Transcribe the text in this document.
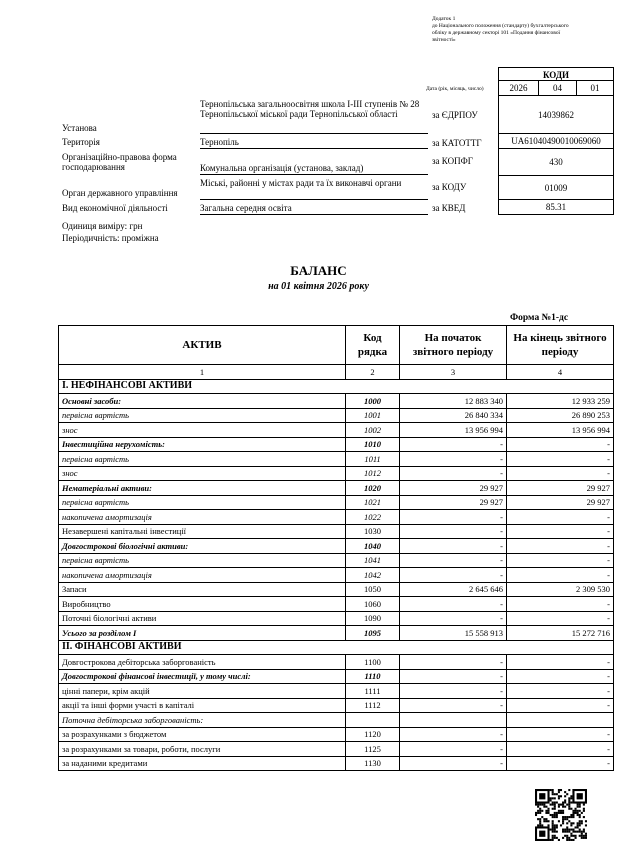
Додаток 1
до Національного положення (стандарту) бухгалтерського
обліку в державному секторі 101 «Подання фінансової
звітності»
КОДИ
Дата (рік, місяць, число)	2026	04	01
за ЄДРПОУ	14039862
за КАТОТТГ	UA61040490010069060
за КОПФГ	430
за КОДУ	01009
за КВЕД	85.31
Установа
Тернопільська загальноосвітня школа І-ІІІ ступенів № 28 Тернопільської міської ради Тернопільської області
Територія	Тернопіль
Організаційно-правова форма господарювання	Комунальна організація (установа, заклад)
Орган державного управління
Міські, районні у містах ради та їх виконавчі органи
Вид економічної діяльності	Загальна середня освіта
Одиниця виміру: грн
Періодичність: проміжна
БАЛАНС
на 01 квітня 2026 року
Форма №1-дс
АКТИВ	Код рядка	На початок звітного періоду	На кінець звітного періоду
1	2	3	4
І. НЕФІНАНСОВІ АКТИВИ			
Основні засоби:	1000	12 883 340	12 933 259
первісна вартість	1001	26 840 334	26 890 253
знос	1002	13 956 994	13 956 994
Інвестиційна нерухомість:	1010	-	-
первісна вартість	1011	-	-
знос	1012	-	-
Нематеріальні активи:	1020	29 927	29 927
первісна вартість	1021	29 927	29 927
накопичена амортизація	1022	-	-
Незавершені капітальні інвестиції	1030	-	-
Довгострокові біологічні активи:	1040	-	-
первісна вартість	1041	-	-
накопичена амортизація	1042	-	-
Запаси	1050	2 645 646	2 309 530
Виробництво	1060	-	-
Поточні біологічні активи	1090	-	-
Усього за розділом І	1095	15 558 913	15 272 716
ІІ. ФІНАНСОВІ АКТИВИ			
Довгострокова дебіторська заборгованість	1100	-	-
Довгострокові фінансові інвестиції, у тому числі:	1110	-	-
цінні папери, крім акцій	1111	-	-
акції та інші форми участі в капіталі	1112	-	-
Поточна дебіторська заборгованість:			
за розрахунками з бюджетом	1120	-	-
за розрахунками за товари, роботи, послуги	1125	-	-
за наданими кредитами	1130	-	-
